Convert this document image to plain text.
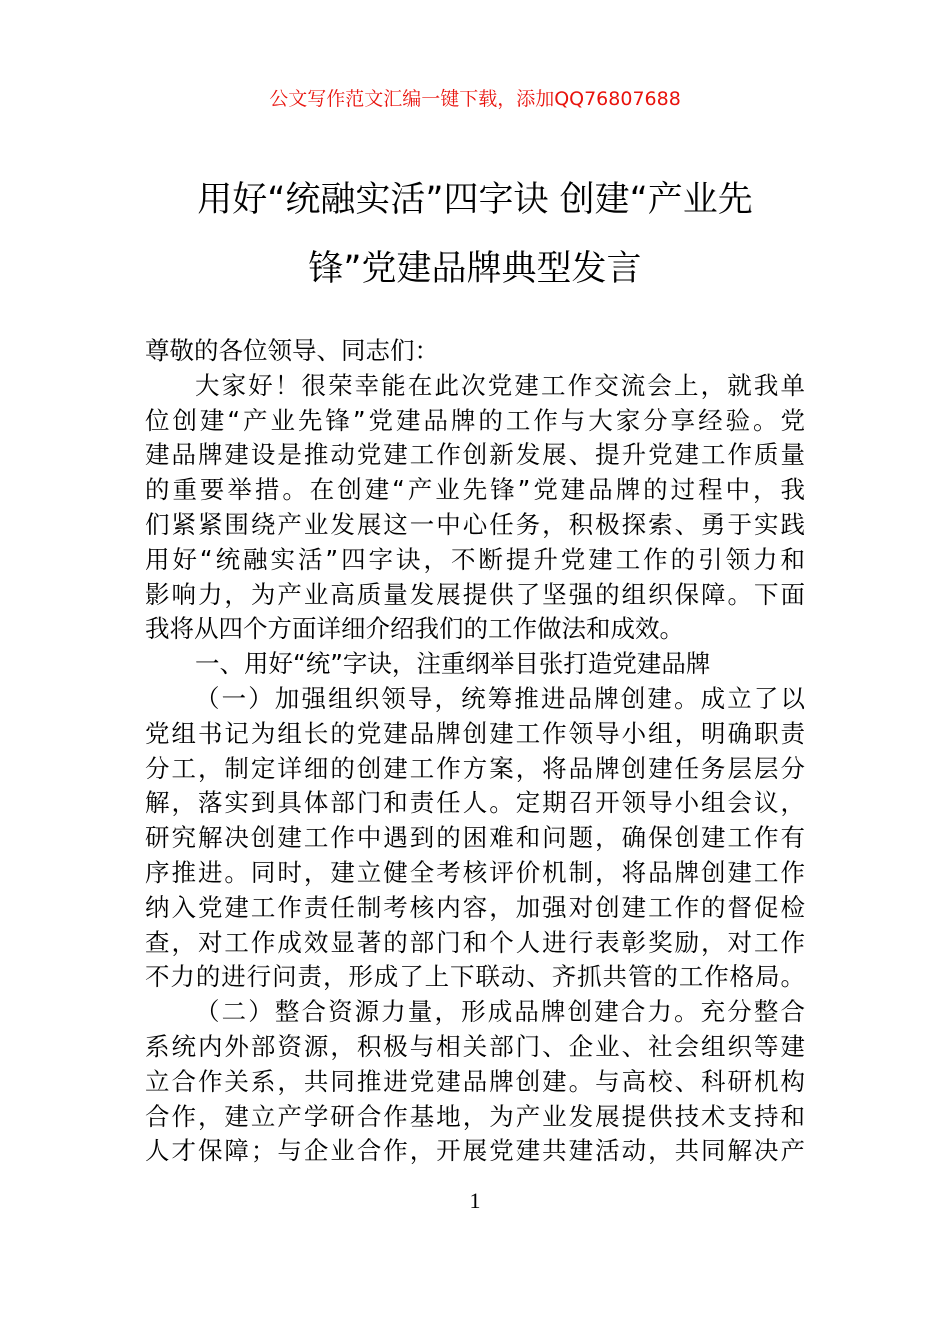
公文写作范文汇编一键下载，添加QQ76807688
用好“统融实活”四字诀 创建“产业先
锋”党建品牌典型发言
尊敬的各位领导、同志们：
大家好！很荣幸能在此次党建工作交流会上，就我单
位创建“产业先锋”党建品牌的工作与大家分享经验。党
建品牌建设是推动党建工作创新发展、提升党建工作质量
的重要举措。在创建“产业先锋”党建品牌的过程中，我
们紧紧围绕产业发展这一中心任务，积极探索、勇于实践
用好“统融实活”四字诀，不断提升党建工作的引领力和
影响力，为产业高质量发展提供了坚强的组织保障。下面
我将从四个方面详细介绍我们的工作做法和成效。
一、用好“统”字诀，注重纲举目张打造党建品牌
（一）加强组织领导，统筹推进品牌创建。成立了以
党组书记为组长的党建品牌创建工作领导小组，明确职责
分工，制定详细的创建工作方案，将品牌创建任务层层分
解，落实到具体部门和责任人。定期召开领导小组会议，
研究解决创建工作中遇到的困难和问题，确保创建工作有
序推进。同时，建立健全考核评价机制，将品牌创建工作
纳入党建工作责任制考核内容，加强对创建工作的督促检
查，对工作成效显著的部门和个人进行表彰奖励，对工作
不力的进行问责，形成了上下联动、齐抓共管的工作格局。
（二）整合资源力量，形成品牌创建合力。充分整合
系统内外部资源，积极与相关部门、企业、社会组织等建
立合作关系，共同推进党建品牌创建。与高校、科研机构
合作，建立产学研合作基地，为产业发展提供技术支持和
人才保障；与企业合作，开展党建共建活动，共同解决产
1
